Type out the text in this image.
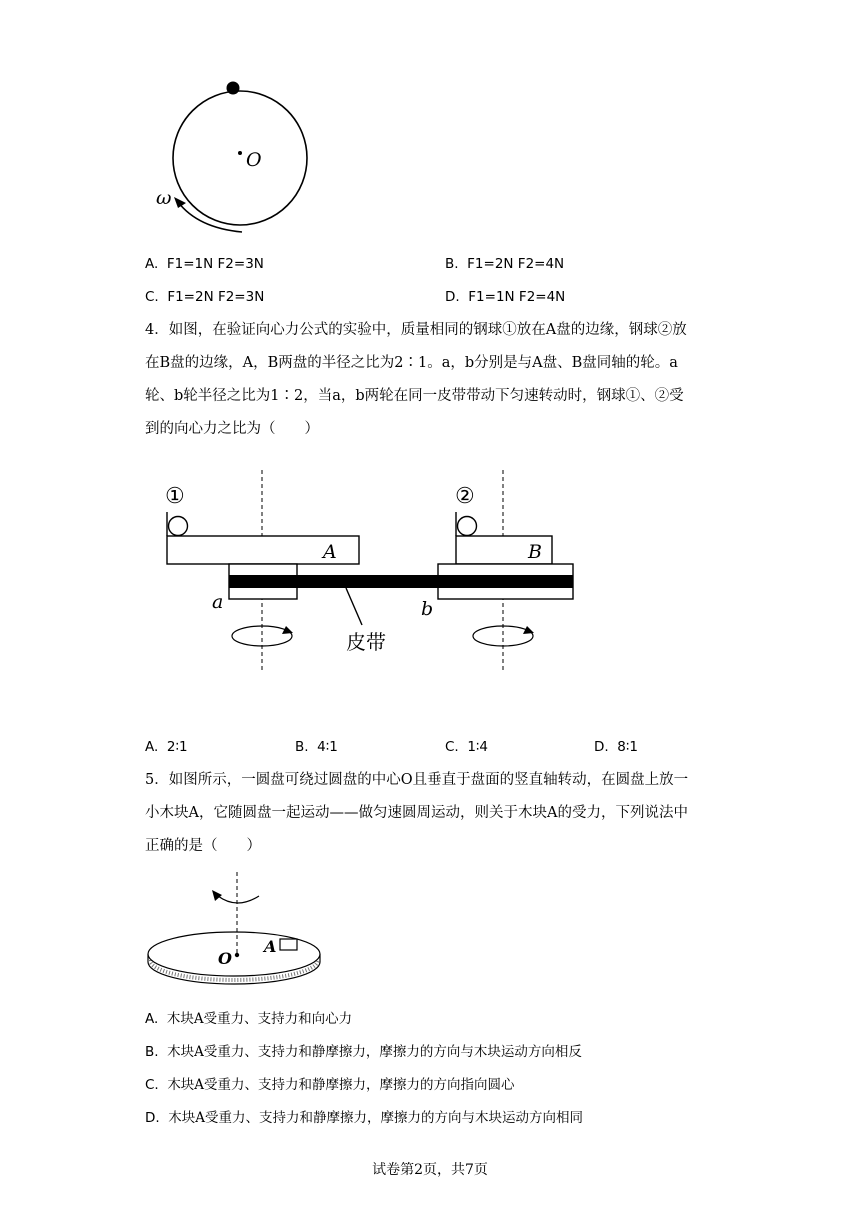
O
ω
A. F1=1N F2=3N	B. F1=2N F2=4N
C. F1=2N F2=3N	D. F1=1N F2=4N
4．如图，在验证向心力公式的实验中，质量相同的钢球①放在A盘的边缘，钢球②放
在B盘的边缘，A，B两盘的半径之比为2∶1。a，b分别是与A盘、B盘同轴的轮。a
轮、b轮半径之比为1∶2，当a，b两轮在同一皮带带动下匀速转动时，钢球①、②受
到的向心力之比为（　　）
①
A
a
②
B
b
皮带
A. 2∶1	B. 4∶1	C. 1∶4	D. 8∶1
5．如图所示，一圆盘可绕过圆盘的中心O且垂直于盘面的竖直轴转动，在圆盘上放一
小木块A，它随圆盘一起运动——做匀速圆周运动，则关于木块A的受力，下列说法中
正确的是（　　）
O
A
A. 木块A受重力、支持力和向心力
B. 木块A受重力、支持力和静摩擦力，摩擦力的方向与木块运动方向相反
C. 木块A受重力、支持力和静摩擦力，摩擦力的方向指向圆心
D. 木块A受重力、支持力和静摩擦力，摩擦力的方向与木块运动方向相同
试卷第2页，共7页
